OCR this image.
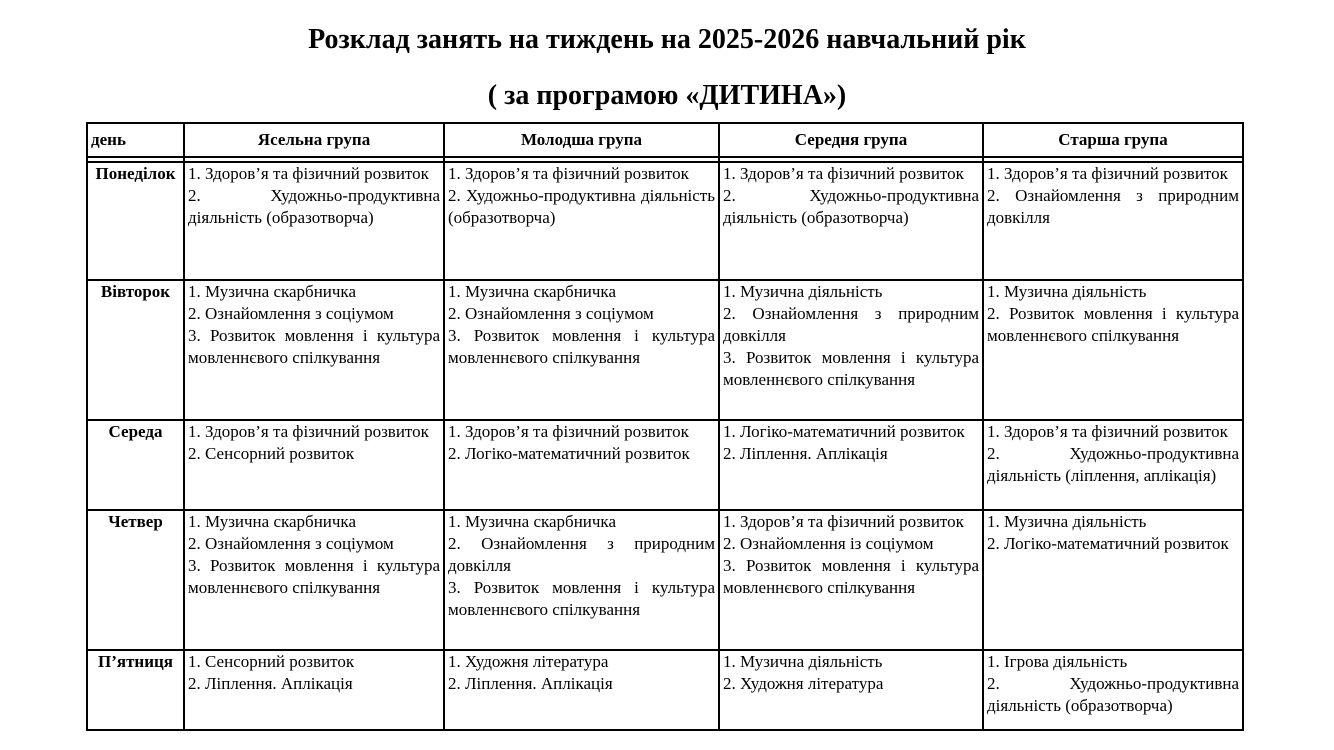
Розклад занять на тиждень на 2025-2026 навчальний рік
( за програмою «ДИТИНА»)
день	Ясельна група	Молодша група	Середня група	Старша група

Понеділок	1. Здоров’я та фізичний розвиток
2. Художньо-продуктивна діяльність (образотворча)

1. Здоров’я та фізичний розвиток
2. Художньо-продуктивна діяльність (образотворча)

1. Здоров’я та фізичний розвиток
2. Художньо-продуктивна діяльність (образотворча)

1. Здоров’я та фізичний розвиток
2. Ознайомлення з природним довкілля

Вівторок	1. Музична скарбничка
2. Ознайомлення з соціумом
3. Розвиток мовлення і культура мовленнєвого спілкування

1. Музична скарбничка
2. Ознайомлення з соціумом
3. Розвиток мовлення і культура мовленнєвого спілкування

1. Музична діяльність
2. Ознайомлення з природним довкілля
3. Розвиток мовлення і культура мовленнєвого спілкування

1. Музична діяльність
2. Розвиток мовлення і культура мовленнєвого спілкування

Середа	1. Здоров’я та фізичний розвиток
2. Сенсорний розвиток

1. Здоров’я та фізичний розвиток
2. Логіко-математичний розвиток

1. Логіко-математичний розвиток
2. Ліплення. Аплікація

1. Здоров’я та фізичний розвиток
2. Художньо-продуктивна діяльність (ліплення, аплікація)

Четвер	1. Музична скарбничка
2. Ознайомлення з соціумом
3. Розвиток мовлення і культура мовленнєвого спілкування

1. Музична скарбничка
2. Ознайомлення з природним довкілля
3. Розвиток мовлення і культура мовленнєвого спілкування

1. Здоров’я та фізичний розвиток
2. Ознайомлення із соціумом
3. Розвиток мовлення і культура мовленнєвого спілкування

1. Музична діяльність
2. Логіко-математичний розвиток

П’ятниця	1. Сенсорний розвиток
2. Ліплення. Аплікація

1. Художня література
2. Ліплення. Аплікація

1. Музична діяльність
2. Художня література

1. Ігрова діяльність
2. Художньо-продуктивна діяльність (образотворча)
